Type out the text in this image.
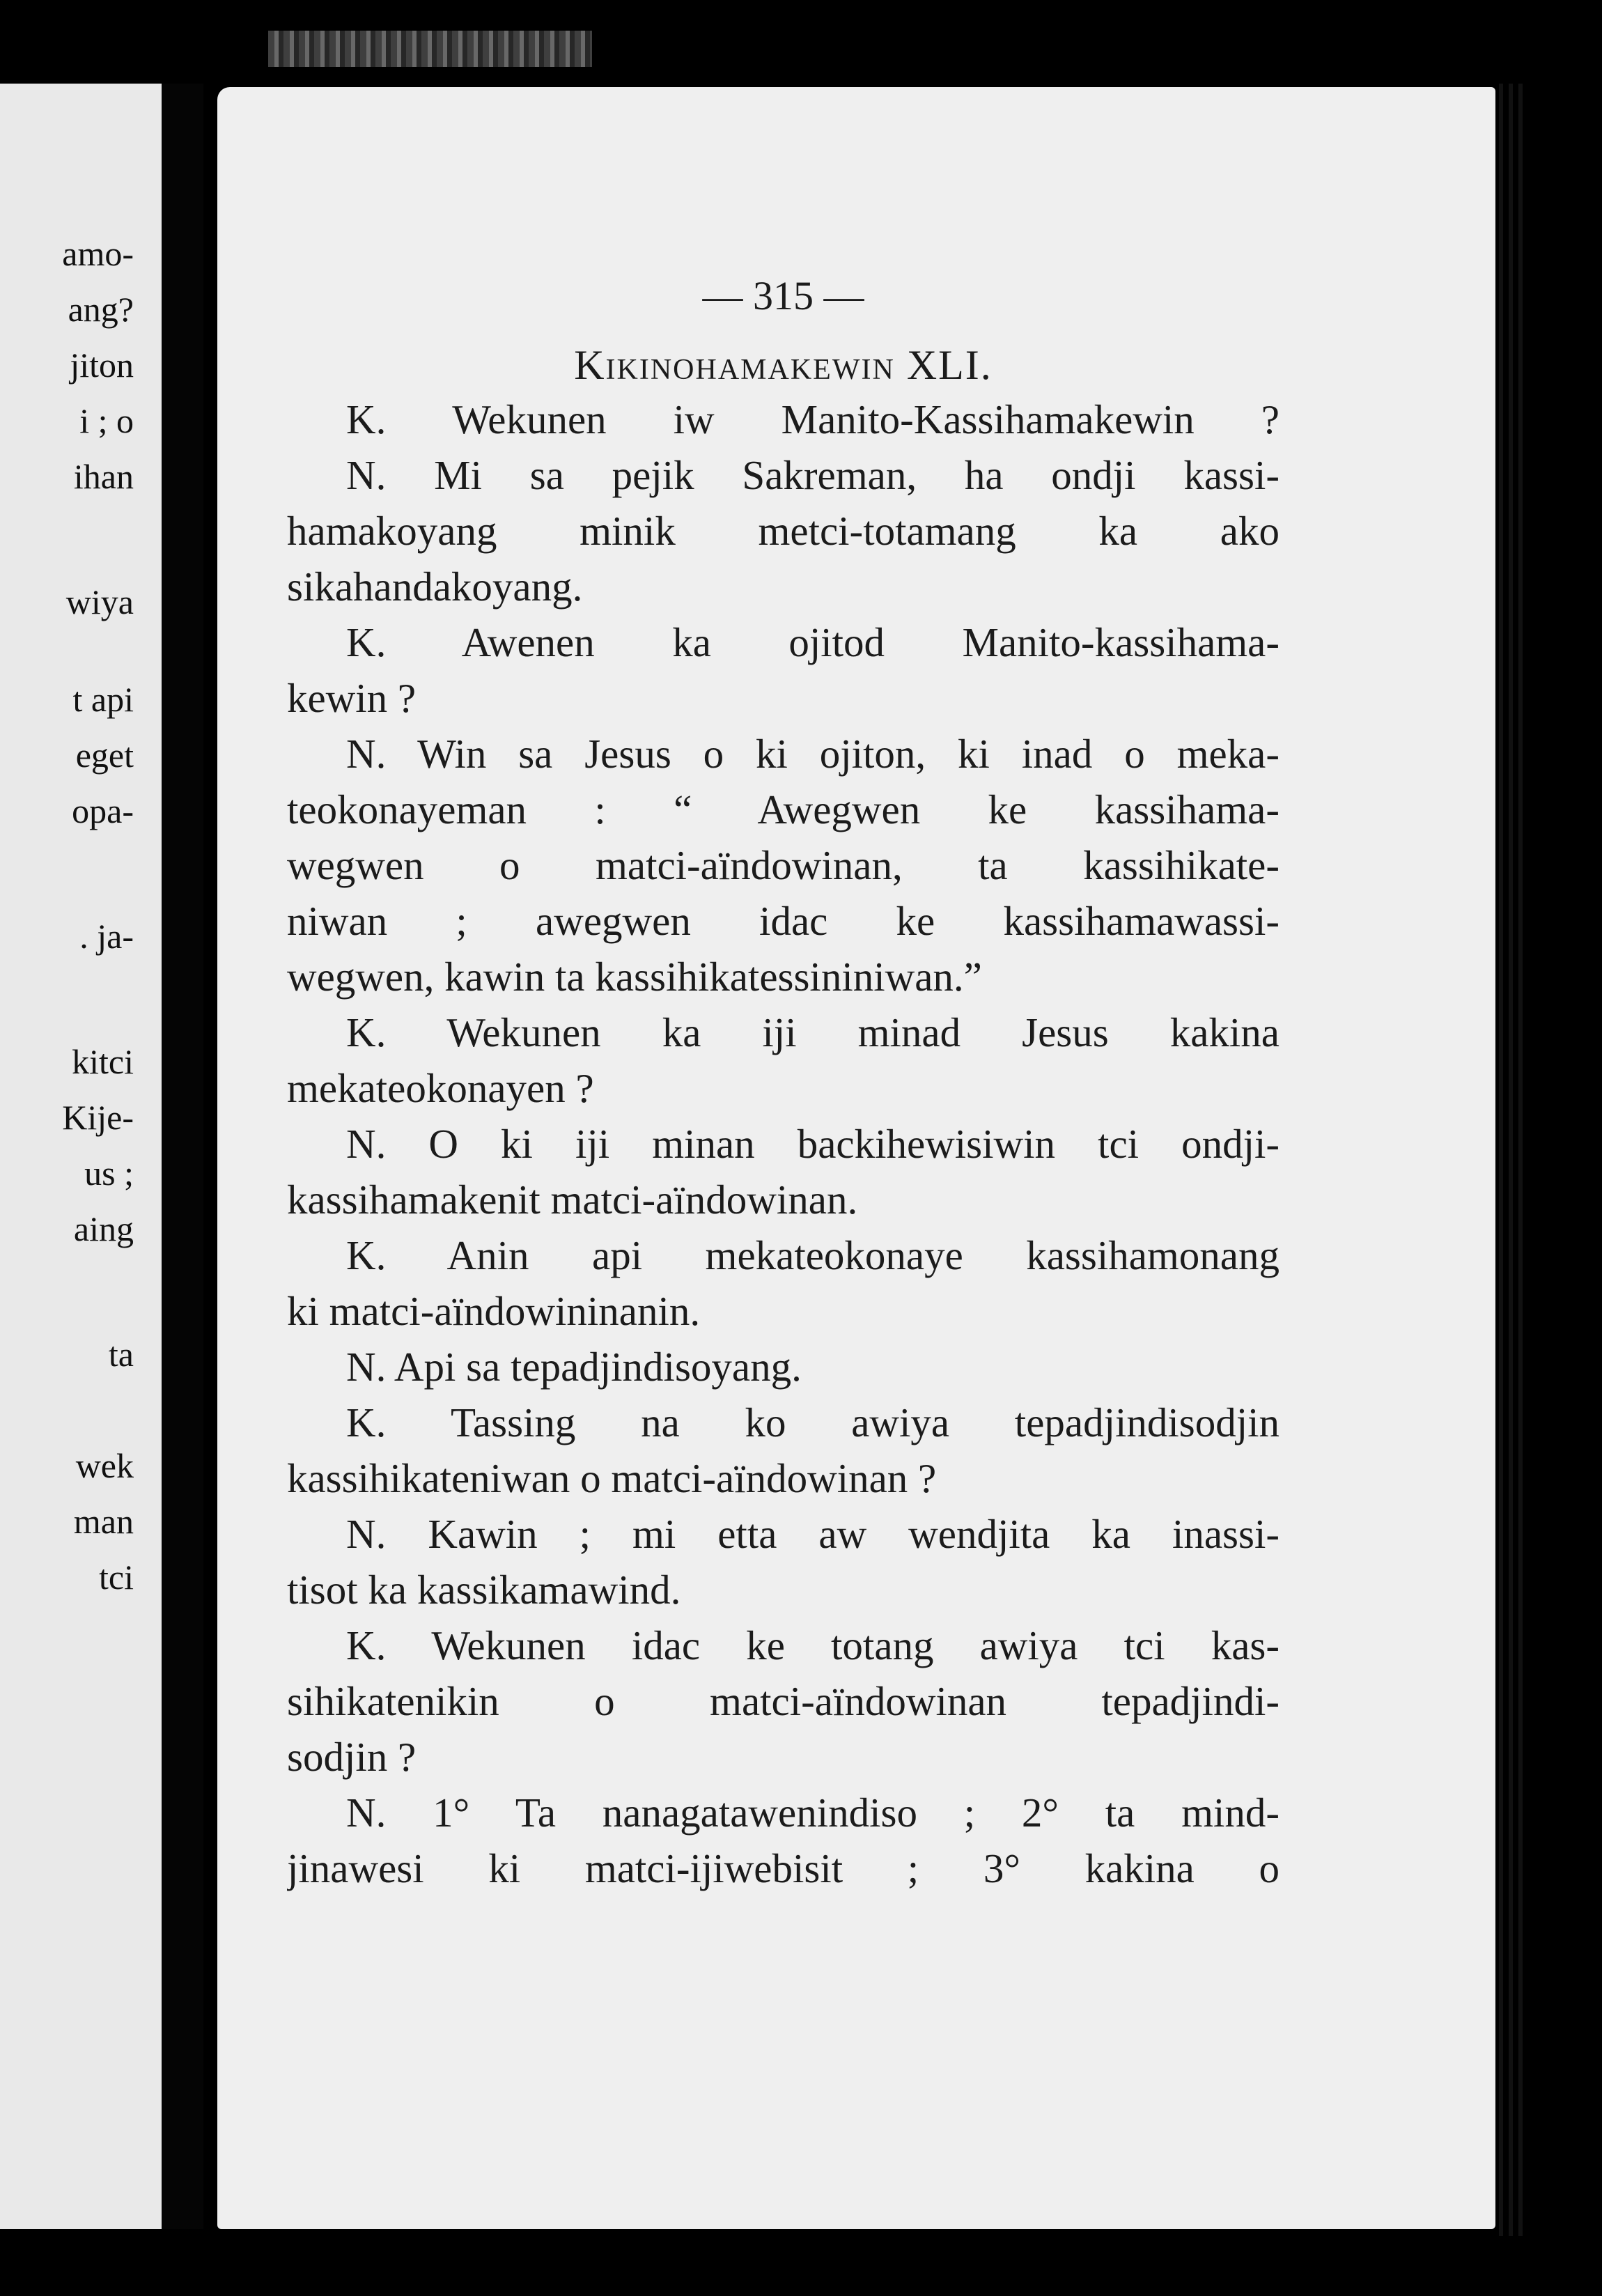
amo-
ang?
jiton
i ; o
ihan
wiya
t api
eget
opa-
. ja-
kitci
Kije-
us ;
aing
ta
wek
man
tci
— 315 —
Kikinohamakewin XLI.
K. Wekunen iw Manito-Kassihamakewin ?
N. Mi sa pejik Sakreman, ha ondji kassi-
hamakoyang minik metci-totamang ka ako
sikahandakoyang.
K. Awenen ka ojitod Manito-kassihama-
kewin ?
N. Win sa Jesus o ki ojiton, ki inad o meka-
teokonayeman : “ Awegwen ke kassihama-
wegwen o matci-aïndowinan, ta kassihikate-
niwan ; awegwen idac ke kassihamawassi-
wegwen, kawin ta kassihikatessininiwan.”
K. Wekunen ka iji minad Jesus kakina
mekateokonayen ?
N. O ki iji minan backihewisiwin tci ondji-
kassihamakenit matci-aïndowinan.
K. Anin api mekateokonaye kassihamonang
ki matci-aïndowininanin.
N. Api sa tepadjindisoyang.
K. Tassing na ko awiya tepadjindisodjin
kassihikateniwan o matci-aïndowinan ?
N. Kawin ; mi etta aw wendjita ka inassi-
tisot ka kassikamawind.
K. Wekunen idac ke totang awiya tci kas-
sihikatenikin o matci-aïndowinan tepadjindi-
sodjin ?
N. 1° Ta nanagatawenindiso ; 2° ta mind-
jinawesi ki matci-ijiwebisit ; 3° kakina o
